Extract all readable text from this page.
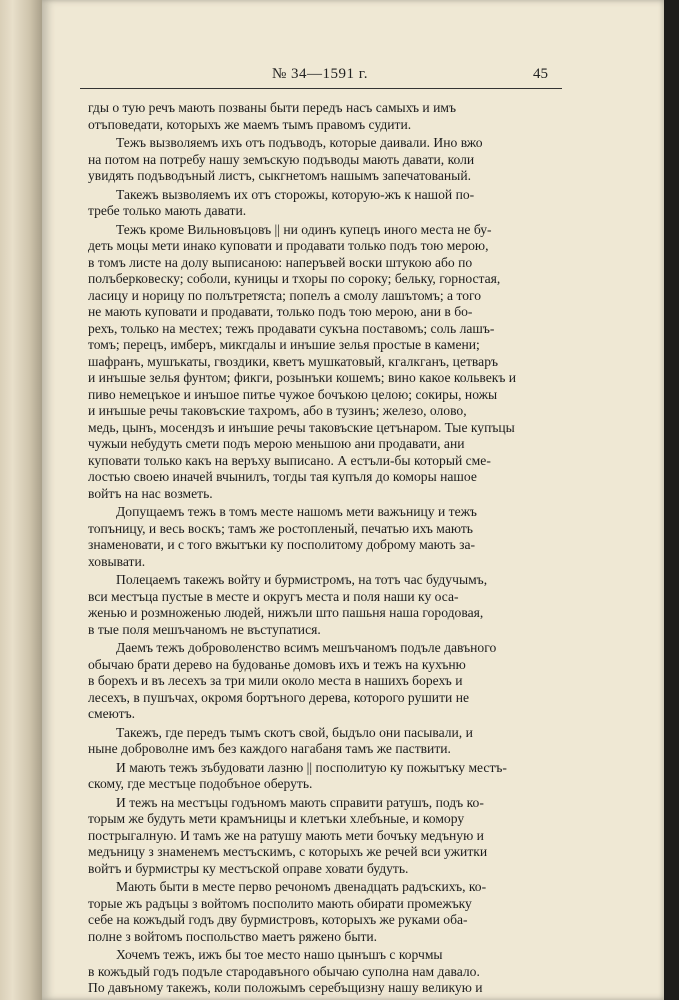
№ 34—1591 г.	45
гды о тую речъ мають позваны быти передъ насъ самыхъ и имъ
отъповедати, которыхъ же маемъ тымъ правомъ судити.
Тежъ вызволяемъ ихъ отъ подъводъ, которые даивали. Ино вжо
на потом на потребу нашу земъскую подъводы мають давати, коли
увидять подъводъный листъ, сыкгнетомъ нашымъ запечатованый.
Такежъ вызволяемъ их отъ сторожы, которую-жъ к нашой по-
требе только мають давати.
Тежъ кроме Вильновъцовъ || ни одинъ купецъ иного места не бу-
деть моцы мети инако куповати и продавати только подъ тою мерою,
в томъ листе на долу выписаною: наперъвей воски штукою або по
полъберковеску; соболи, куницы и тхоры по сороку; бельку, горностая,
ласицу и норицу по полътретяста; попелъ а смолу лашътомъ; а того
не мають куповати и продавати, только подъ тою мерою, ани в бо-
рехъ, только на местех; тежъ продавати сукъна поставомъ; соль лашъ-
томъ; перецъ, имберъ, микгдалы и инъшие зелья простые в камени;
шафранъ, мушъкаты, гвоздики, кветъ мушкатовый, кгалкганъ, цетваръ
и инъшые зелья фунтом; фикги, розынъки кошемъ; вино какое кольвекъ и
пиво немецъкое и инъшое питье чужое бочъкою целою; сокиры, ножы
и инъшые речы таковъские тахромъ, або в тузинъ; железо, олово,
медь, цынъ, мосендзъ и инъшие речы таковъские цетънаром. Тые купъцы
чужыи небудуть смети подъ мерою меньшою ани продавати, ани
куповати только какъ на веръху выписано. А естъли-бы который сме-
лостью своею иначей вчынилъ, тогды тая купъля до коморы нашое
войтъ на нас возметь.
Допущаемъ тежъ в томъ месте нашомъ мети важъницу и тежъ
топъницу, и весь воскъ; тамъ же ростопленый, печатью ихъ мають
знаменовати, и с того вжытъки ку посполитому доброму мають за-
ховывати.
Полецаемъ такежъ войту и бурмистромъ, на тотъ час будучымъ,
вси местъца пустые в месте и округъ места и поля наши ку оса-
женью и розмноженью людей, нижъли што пашьня наша городовая,
в тые поля мешъчаномъ не въступатися.
Даемъ тежъ доброволенство всимъ мешъчаномъ подъле давъного
обычаю брати дерево на будованье домовъ ихъ и тежъ на кухъню
в борехъ и въ лесехъ за три мили около места в нашихъ борехъ и
лесехъ, в пушъчах, окромя бортъного дерева, которого рушити не
смеютъ.
Такежъ, где передъ тымъ скотъ свой, быдъло они пасывали, и
ныне доброволне имъ без каждого нагабаня тамъ же паствити.
И мають тежъ зъбудовати лазню || посполитую ку пожытъку местъ-
скому, где местъце подобъное оберуть.
И тежъ на местъцы годъномъ мають справити ратушъ, подъ ко-
торым же будуть мети крамъницы и клетъки хлебъные, и комору
пострыгалную. И тамъ же на ратушу мають мети бочъку медъную и
медъницу з знаменемъ местъскимъ, с которыхъ же речей вси ужитки
войтъ и бурмистры ку местъской оправе ховати будуть.
Мають быти в месте перво речономъ двенадцать радъскихъ, ко-
торые жъ радъцы з войтомъ посполито мають обирати промежъку
себе на кожъдый годъ дву бурмистровъ, которыхъ же руками оба-
полне з войтомъ поспольство маетъ ряжено быти.
Хочемъ тежъ, ижъ бы тое место нашо цынъшъ с корчмы
в кожъдый годъ подъле стародавъного обычаю суполна нам давало.
По давъному такежъ, коли положымъ серебъщизну нашу великую и
